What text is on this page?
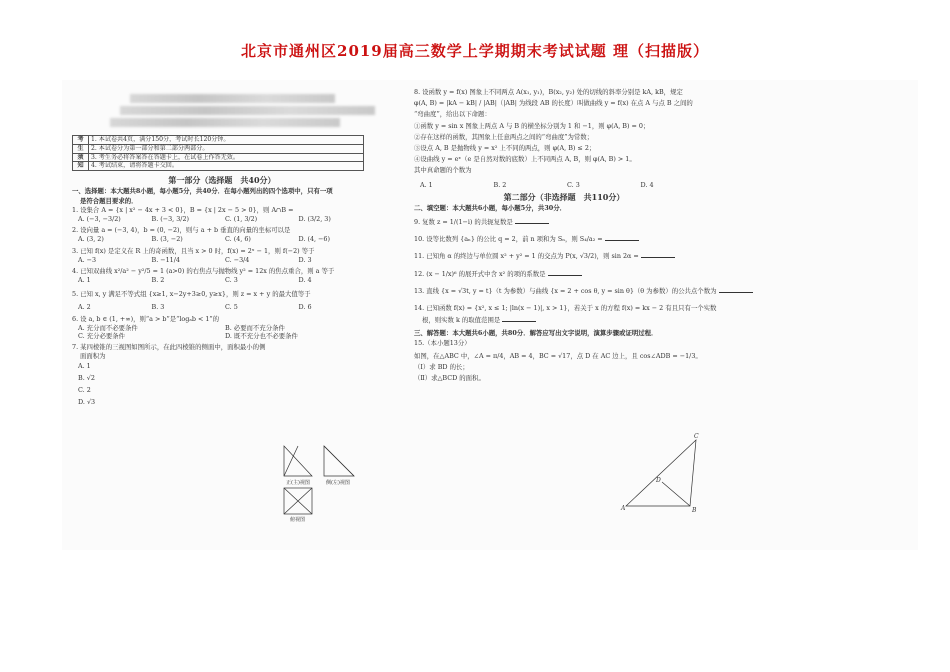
北京市通州区2019届高三数学上学期期末考试试题 理（扫描版）
考	1. 本试卷共4页，满分150分，考试时长120分钟。
生	2. 本试卷分为第一部分和第二部分两部分。
须	3. 考生务必将答案答在答题卡上，在试卷上作答无效。
知	4. 考试结束，请将答题卡交回。
第一部分（选择题　共40分）
一、选择题：本大题共8小题，每小题5分，共40分．在每小题列出的四个选项中，只有一项
是符合题目要求的．
1. 设集合 A = {x | x² − 4x + 3 < 0}，B = {x | 2x − 5 > 0}，则 A∩B =
A. (−3, −3/2)	B. (−3, 3/2)	C. (1, 3/2)	D. (3/2, 3)
2. 设向量 a = (−3, 4)，b = (0, −2)，则与 a + b 垂直的向量的坐标可以是
A. (3, 2)	B. (3, −2)	C. (4, 6)	D. (4, −6)
3. 已知 f(x) 是定义在 R 上的奇函数，且当 x > 0 时，f(x) = 2ˣ − 1，则 f(−2) 等于
A. −3	B. −11/4	C. −3/4	D. 3
4. 已知双曲线 x²/a² − y²/5 = 1 (a>0) 的右焦点与抛物线 y² = 12x 的焦点重合，则 a 等于
A. 1	B. 2	C. 3	D. 4
5. 已知 x, y 满足不等式组 {x≥1, x−2y+3≥0, y≥x}，则 z = x + y 的最大值等于
A. 2	B. 3	C. 5	D. 6
6. 设 a, b ∈ (1, +∞)，则“a > b”是“logₐb < 1”的
A. 充分而不必要条件	B. 必要而不充分条件
C. 充分必要条件	D. 既不充分也不必要条件
7. 某四棱锥的三视图如图所示，在此四棱锥的侧面中，面积最小的侧
面面积为
A. 1
B. √2
C. 2
D. √3
正(主)视图	侧(左)视图
俯视图
8. 设函数 y = f(x) 图象上不同两点 A(x₁, y₁)，B(x₂, y₂) 处的切线的斜率分别是 kA, kB，规定
φ(A, B) = |kA − kB| / |AB|（|AB| 为线段 AB 的长度）叫做曲线 y = f(x) 在点 A 与点 B 之间的
“弯曲度”，给出以下命题：
①函数 y = sin x 图象上两点 A 与 B 的横坐标分别为 1 和 −1，则 φ(A, B) = 0；
②存在这样的函数，其图象上任意两点之间的“弯曲度”为常数；
③设点 A, B 是抛物线 y = x² 上不同的两点，则 φ(A, B) ≤ 2；
④设曲线 y = eˣ（e 是自然对数的底数）上不同两点 A, B，则 φ(A, B) > 1。
其中真命题的个数为
A. 1	B. 2	C. 3	D. 4
第二部分（非选择题　共110分）
二、填空题：本大题共6小题，每小题5分，共30分．
9. 复数 z = 1/(1−i) 的共轭复数是
10. 设等比数列 {aₙ} 的公比 q = 2，前 n 项和为 Sₙ，则 S₄/a₂ =
11. 已知角 α 的终边与单位圆 x² + y² = 1 的交点为 P(x, √3/2)，则 sin 2α =
12. (x − 1/x)⁶ 的展开式中含 x² 的项的系数是
13. 直线 {x = √3t, y = t}（t 为参数）与曲线 {x = 2 + cos θ, y = sin θ}（θ 为参数）的公共点个数为
14. 已知函数 f(x) = {x², x ≤ 1; |ln(x − 1)|, x > 1}，若关于 x 的方程 f(x) = kx − 2 有且只有一个实数
根，则实数 k 的取值范围是
三、解答题：本大题共6小题，共80分．解答应写出文字说明，演算步骤或证明过程．
15.（本小题13分）
如图，在△ABC 中，∠A = π/4，AB = 4，BC = √17，点 D 在 AC 边上，且 cos∠ADB = −1/3。
（Ⅰ）求 BD 的长；
（Ⅱ）求△BCD 的面积。
A	B
C
D
